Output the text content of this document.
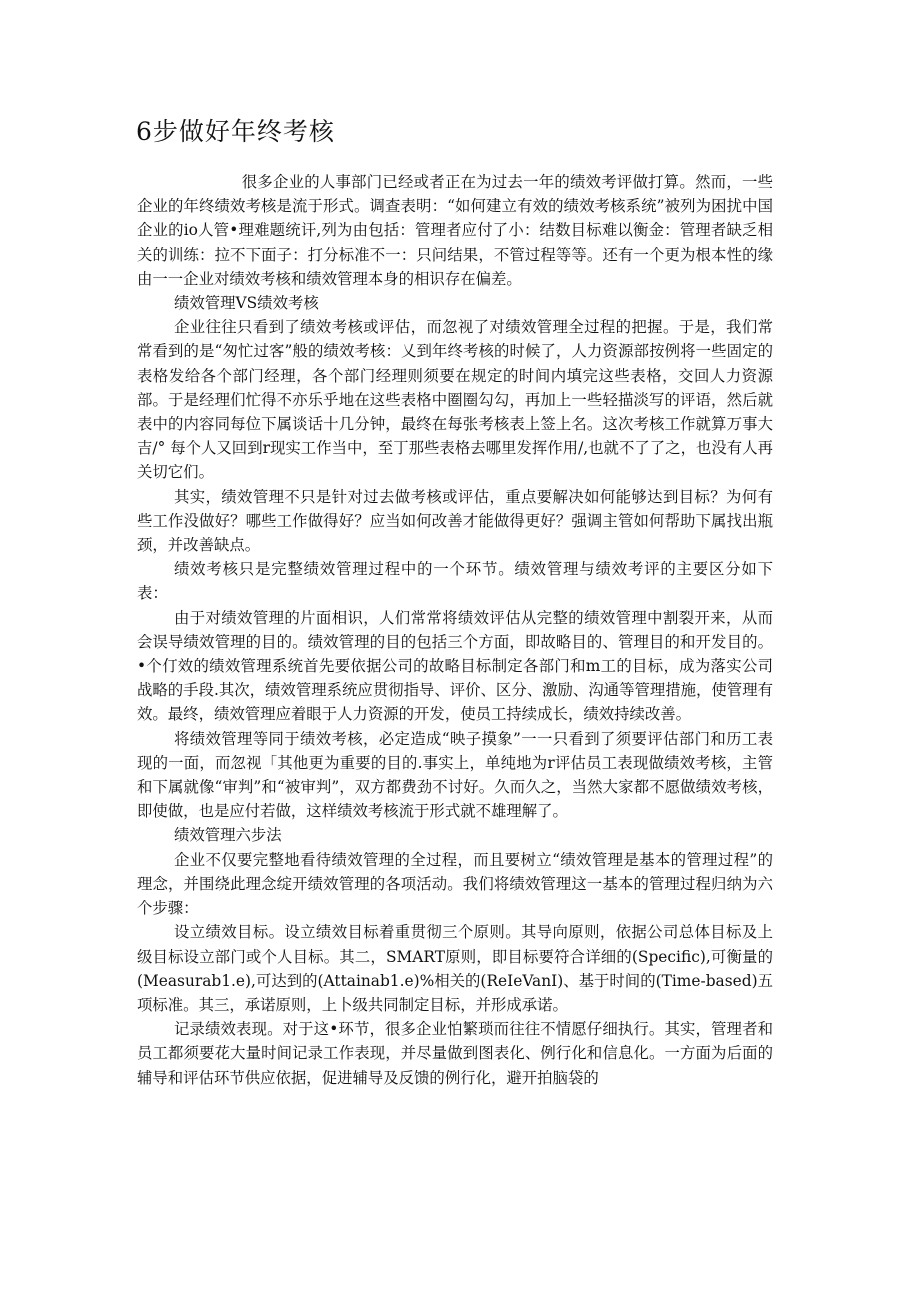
6步做好年终考核

很多企业的人事部门已经或者正在为过去一年的绩效考评做打算。然而，一些企业的年终绩效考核是流于形式。调查表明：“如何建立有效的绩效考核系统”被列为困扰中国企业的io人管•理难题统讦,列为由包括：管理者应付了小：结数目标难以衡金：管理者缺乏相关的训练：拉不下面子：打分标准不一：只问结果，不管过程等等。还有一个更为根本性的缘由一一企业对绩效考核和绩效管理本身的相识存在偏差。

绩效管理VS绩效考核

企业往往只看到了绩效考核或评估，而忽视了对绩效管理全过程的把握。于是，我们常常看到的是“匆忙过客”般的绩效考核：乂到年终考核的时候了，人力资源部按例将一些固定的表格发给各个部门经理，各个部门经理则须要在规定的时间内填完这些表格，交回人力资源部。于是经理们忙得不亦乐乎地在这些表格中圈圈勾勾，再加上一些轻描淡写的评语，然后就表中的内容同每位下属谈话十几分钟，最终在每张考核表上签上名。这次考核工作就算万事大吉/° 每个人又回到r现实工作当中，至丁那些表格去哪里发挥作用/,也就不了了之，也没有人再关切它们。

其实，绩效管理不只是针对过去做考核或评估，重点要解决如何能够达到目标？为何有些工作没做好？哪些工作做得好？应当如何改善才能做得更好？强调主管如何帮助下属找出瓶颈，并改善缺点。

绩效考核只是完整绩效管理过程中的一个环节。绩效管理与绩效考评的主要区分如下表：

由于对绩效管理的片面相识，人们常常将绩效评估从完整的绩效管理中割裂开来，从而会误导绩效管理的目的。绩效管理的目的包括三个方面，即故略目的、管理目的和开发目的。•个仃效的绩效管理系统首先要依据公司的故略目标制定各部门和m工的目标，成为落实公司战略的手段.其次，绩效管理系统应贯彻指导、评价、区分、激励、沟通等管理措施，使管理有效。最终，绩效管理应着眼于人力资源的开发，使员工持续成长，绩效持续改善。

将绩效管理等同于绩效考核，必定造成“映子摸象”一一只看到了须要评估部门和历工表现的一面，而忽视「其他更为重要的目的.事实上，单纯地为r评估员工表现做绩效考核，主管和下属就像“审判”和“被审判”，双方都费劲不讨好。久而久之，当然大家都不愿做绩效考核，即使做，也是应付若做，这样绩效考核流于形式就不雄理解了。

绩效管理六步法

企业不仅要完整地看待绩效管理的全过程，而且要树立“绩效管理是基本的管理过程”的理念，并围绕此理念绽开绩效管理的各项活动。我们将绩效管理这一基本的管理过程归纳为六个步骤：

设立绩效目标。设立绩效目标着重贯彻三个原则。其导向原则，依据公司总体目标及上级目标设立部门或个人目标。其二，SMART原则，即目标要符合详细的(Specific),可衡量的(Measurab1.e),可达到的(Attainab1.e)%相关的(ReIeVanI)、基于时间的(Time-based)五项标准。其三，承诺原则，上卜级共同制定目标，并形成承诺。

记录绩效表现。对于这•环节，很多企业怕繁琐而往往不情愿仔细执行。其实，管理者和员工都须要花大量时间记录工作表现，并尽量做到图表化、例行化和信息化。一方面为后面的辅导和评估环节供应依据，促进辅导及反馈的例行化，避开拍脑袋的
